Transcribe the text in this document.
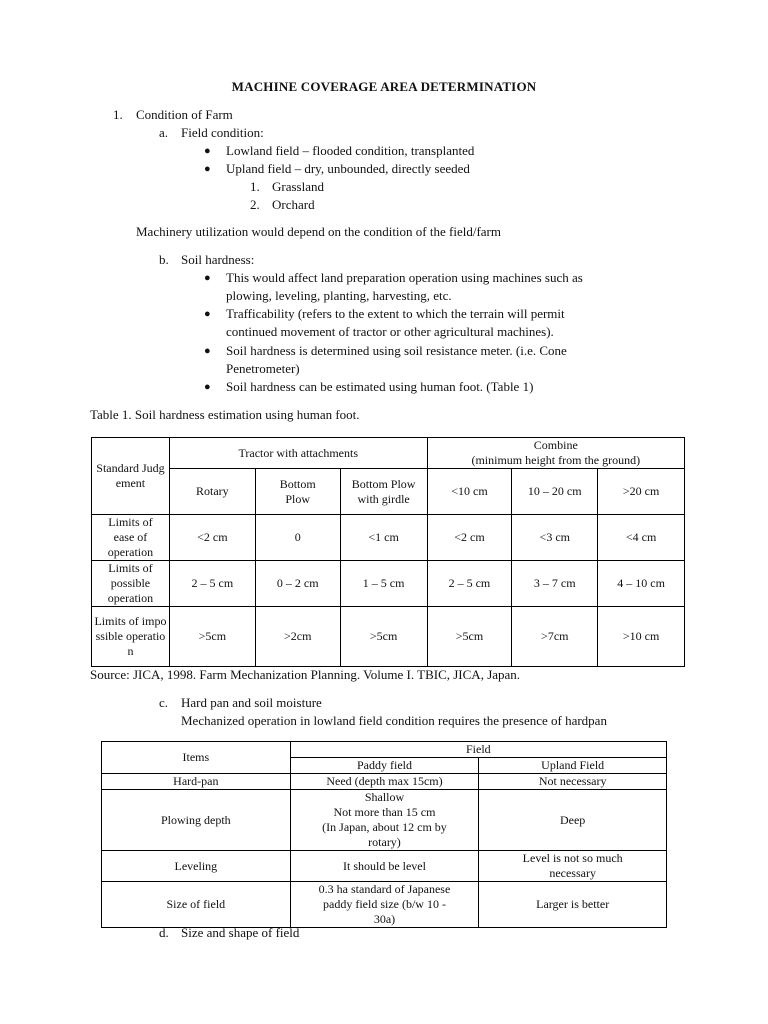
MACHINE COVERAGE AREA DETERMINATION
1. Condition of Farm
a. Field condition:
● Lowland field – flooded condition, transplanted
● Upland field – dry, unbounded, directly seeded
1. Grassland
2. Orchard
Machinery utilization would depend on the condition of the field/farm
b. Soil hardness:
● This would affect land preparation operation using machines such as
plowing, leveling, planting, harvesting, etc.
● Trafficability (refers to the extent to which the terrain will permit
continued movement of tractor or other agricultural machines).
● Soil hardness is determined using soil resistance meter. (i.e. Cone
Penetrometer)
● Soil hardness can be estimated using human foot. (Table 1)
Table 1. Soil hardness estimation using human foot.
Standard Judgement	Tractor with attachments			Combine
(minimum height from the ground)		

	Rotary	Bottom Plow	Bottom Plow with girdle	<10 cm	10 – 20 cm	>20 cm
Limits of ease of operation	<2 cm	0	<1 cm	<2 cm	<3 cm	<4 cm
Limits of possible operation	2 – 5 cm	0 – 2 cm	1 – 5 cm	2 – 5 cm	3 – 7 cm	4 – 10 cm
Limits of impossible operation	>5cm	>2cm	>5cm	>5cm	>7cm	>10 cm
Source: JICA, 1998. Farm Mechanization Planning. Volume I. TBIC, JICA, Japan.
c. Hard pan and soil moisture
Mechanized operation in lowland field condition requires the presence of hardpan
Items	Field	
	Paddy field	Upland Field
Hard-pan	Need (depth max 15cm)	Not necessary
Plowing depth	Shallow
Not more than 15 cm
(In Japan, about 12 cm by
rotary)	Deep
Leveling	It should be level	Level is not so much
necessary

Size of field	0.3 ha standard of Japanese
paddy field size (b/w 10 -
30a)	Larger is better
d. Size and shape of field
